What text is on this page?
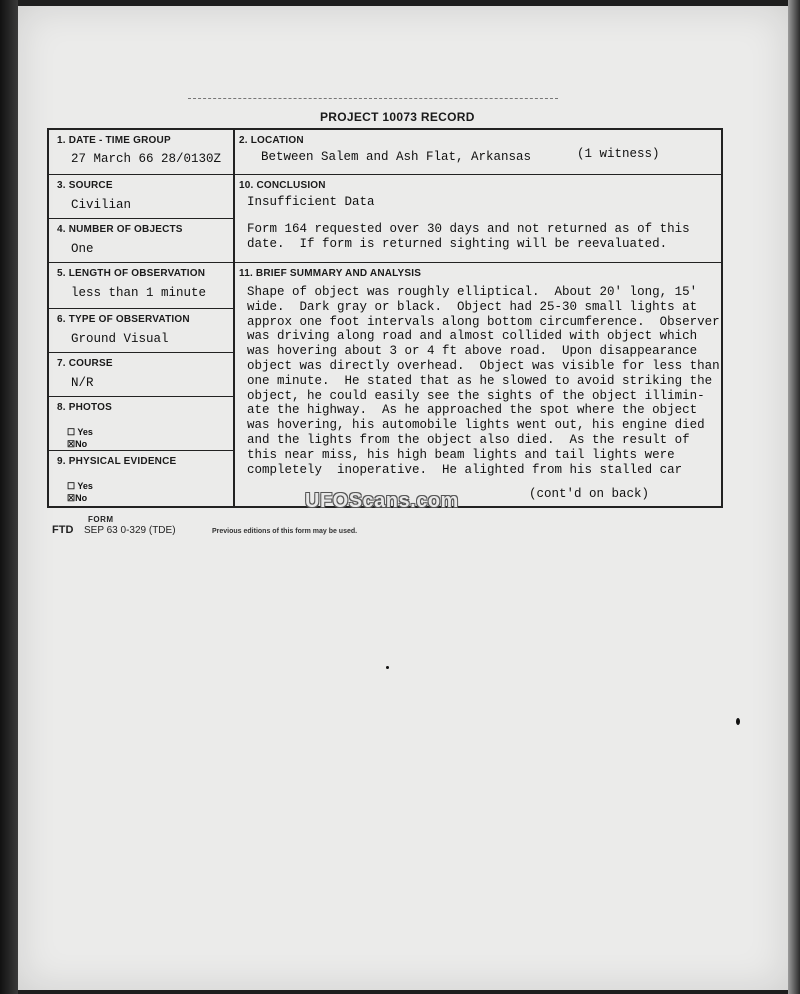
PROJECT 10073 RECORD
1. DATE - TIME GROUP
27 March 66 28/0130Z
2. LOCATION
Between Salem and Ash Flat, Arkansas	(1 witness)
3. SOURCE
Civilian
10. CONCLUSION
Insufficient Data
Form 164 requested over 30 days and not returned as of this
date.  If form is returned sighting will be reevaluated.
4. NUMBER OF OBJECTS
One
5. LENGTH OF OBSERVATION
less than 1 minute
11. BRIEF SUMMARY AND ANALYSIS
Shape of object was roughly elliptical.  About 20' long, 15'
wide.  Dark gray or black.  Object had 25-30 small lights at
approx one foot intervals along bottom circumference.  Observer
was driving along road and almost collided with object which
was hovering about 3 or 4 ft above road.  Upon disappearance
object was directly overhead.  Object was visible for less than
one minute.  He stated that as he slowed to avoid striking the
object, he could easily see the sights of the object illimin-
ate the highway.  As he approached the spot where the object
was hovering, his automobile lights went out, his engine died
and the lights from the object also died.  As the result of
this near miss, his high beam lights and tail lights were
completely  inoperative.  He alighted from his stalled car
(cont'd on back)
6. TYPE OF OBSERVATION
Ground Visual
7. COURSE
N/R
8. PHOTOS
☐ Yes
☒No
9. PHYSICAL EVIDENCE
☐ Yes
☒No
FORM
FTD SEP 63 0-329 (TDE)	Previous editions of this form may be used.
UFOScans.com
